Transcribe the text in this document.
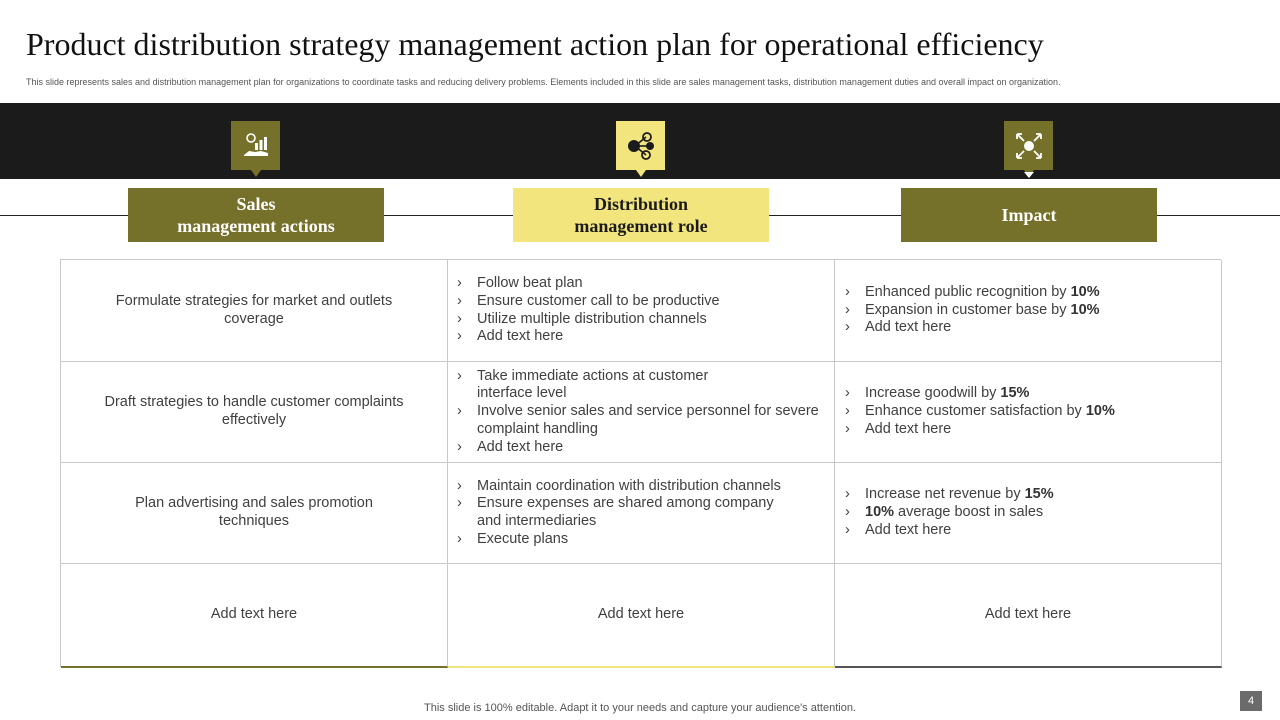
Product distribution strategy management action plan for operational efficiency
This slide represents sales and distribution management plan for organizations to coordinate tasks and reducing delivery problems. Elements included in this slide are sales management tasks, distribution management duties and overall impact on organization.
Sales
management actions
Distribution
management role
Impact
Formulate strategies for market and outlets coverage
› Follow beat plan
› Ensure customer call to be productive
› Utilize multiple distribution channels
› Add text here
› Enhanced public recognition by 10%
› Expansion in customer base by 10%
› Add text here
Draft strategies to handle customer complaints effectively
› Take immediate actions at customer interface level
› Involve senior sales and service personnel for severe complaint handling
› Add text here
› Increase goodwill by 15%
› Enhance customer satisfaction by 10%
› Add text here
Plan advertising and sales promotion techniques
› Maintain coordination with distribution channels
› Ensure expenses are shared among company and intermediaries
› Execute plans
› Increase net revenue by 15%
› 10% average boost in sales
› Add text here
Add text here	Add text here	Add text here
This slide is 100% editable. Adapt it to your needs and capture your audience's attention.
4
